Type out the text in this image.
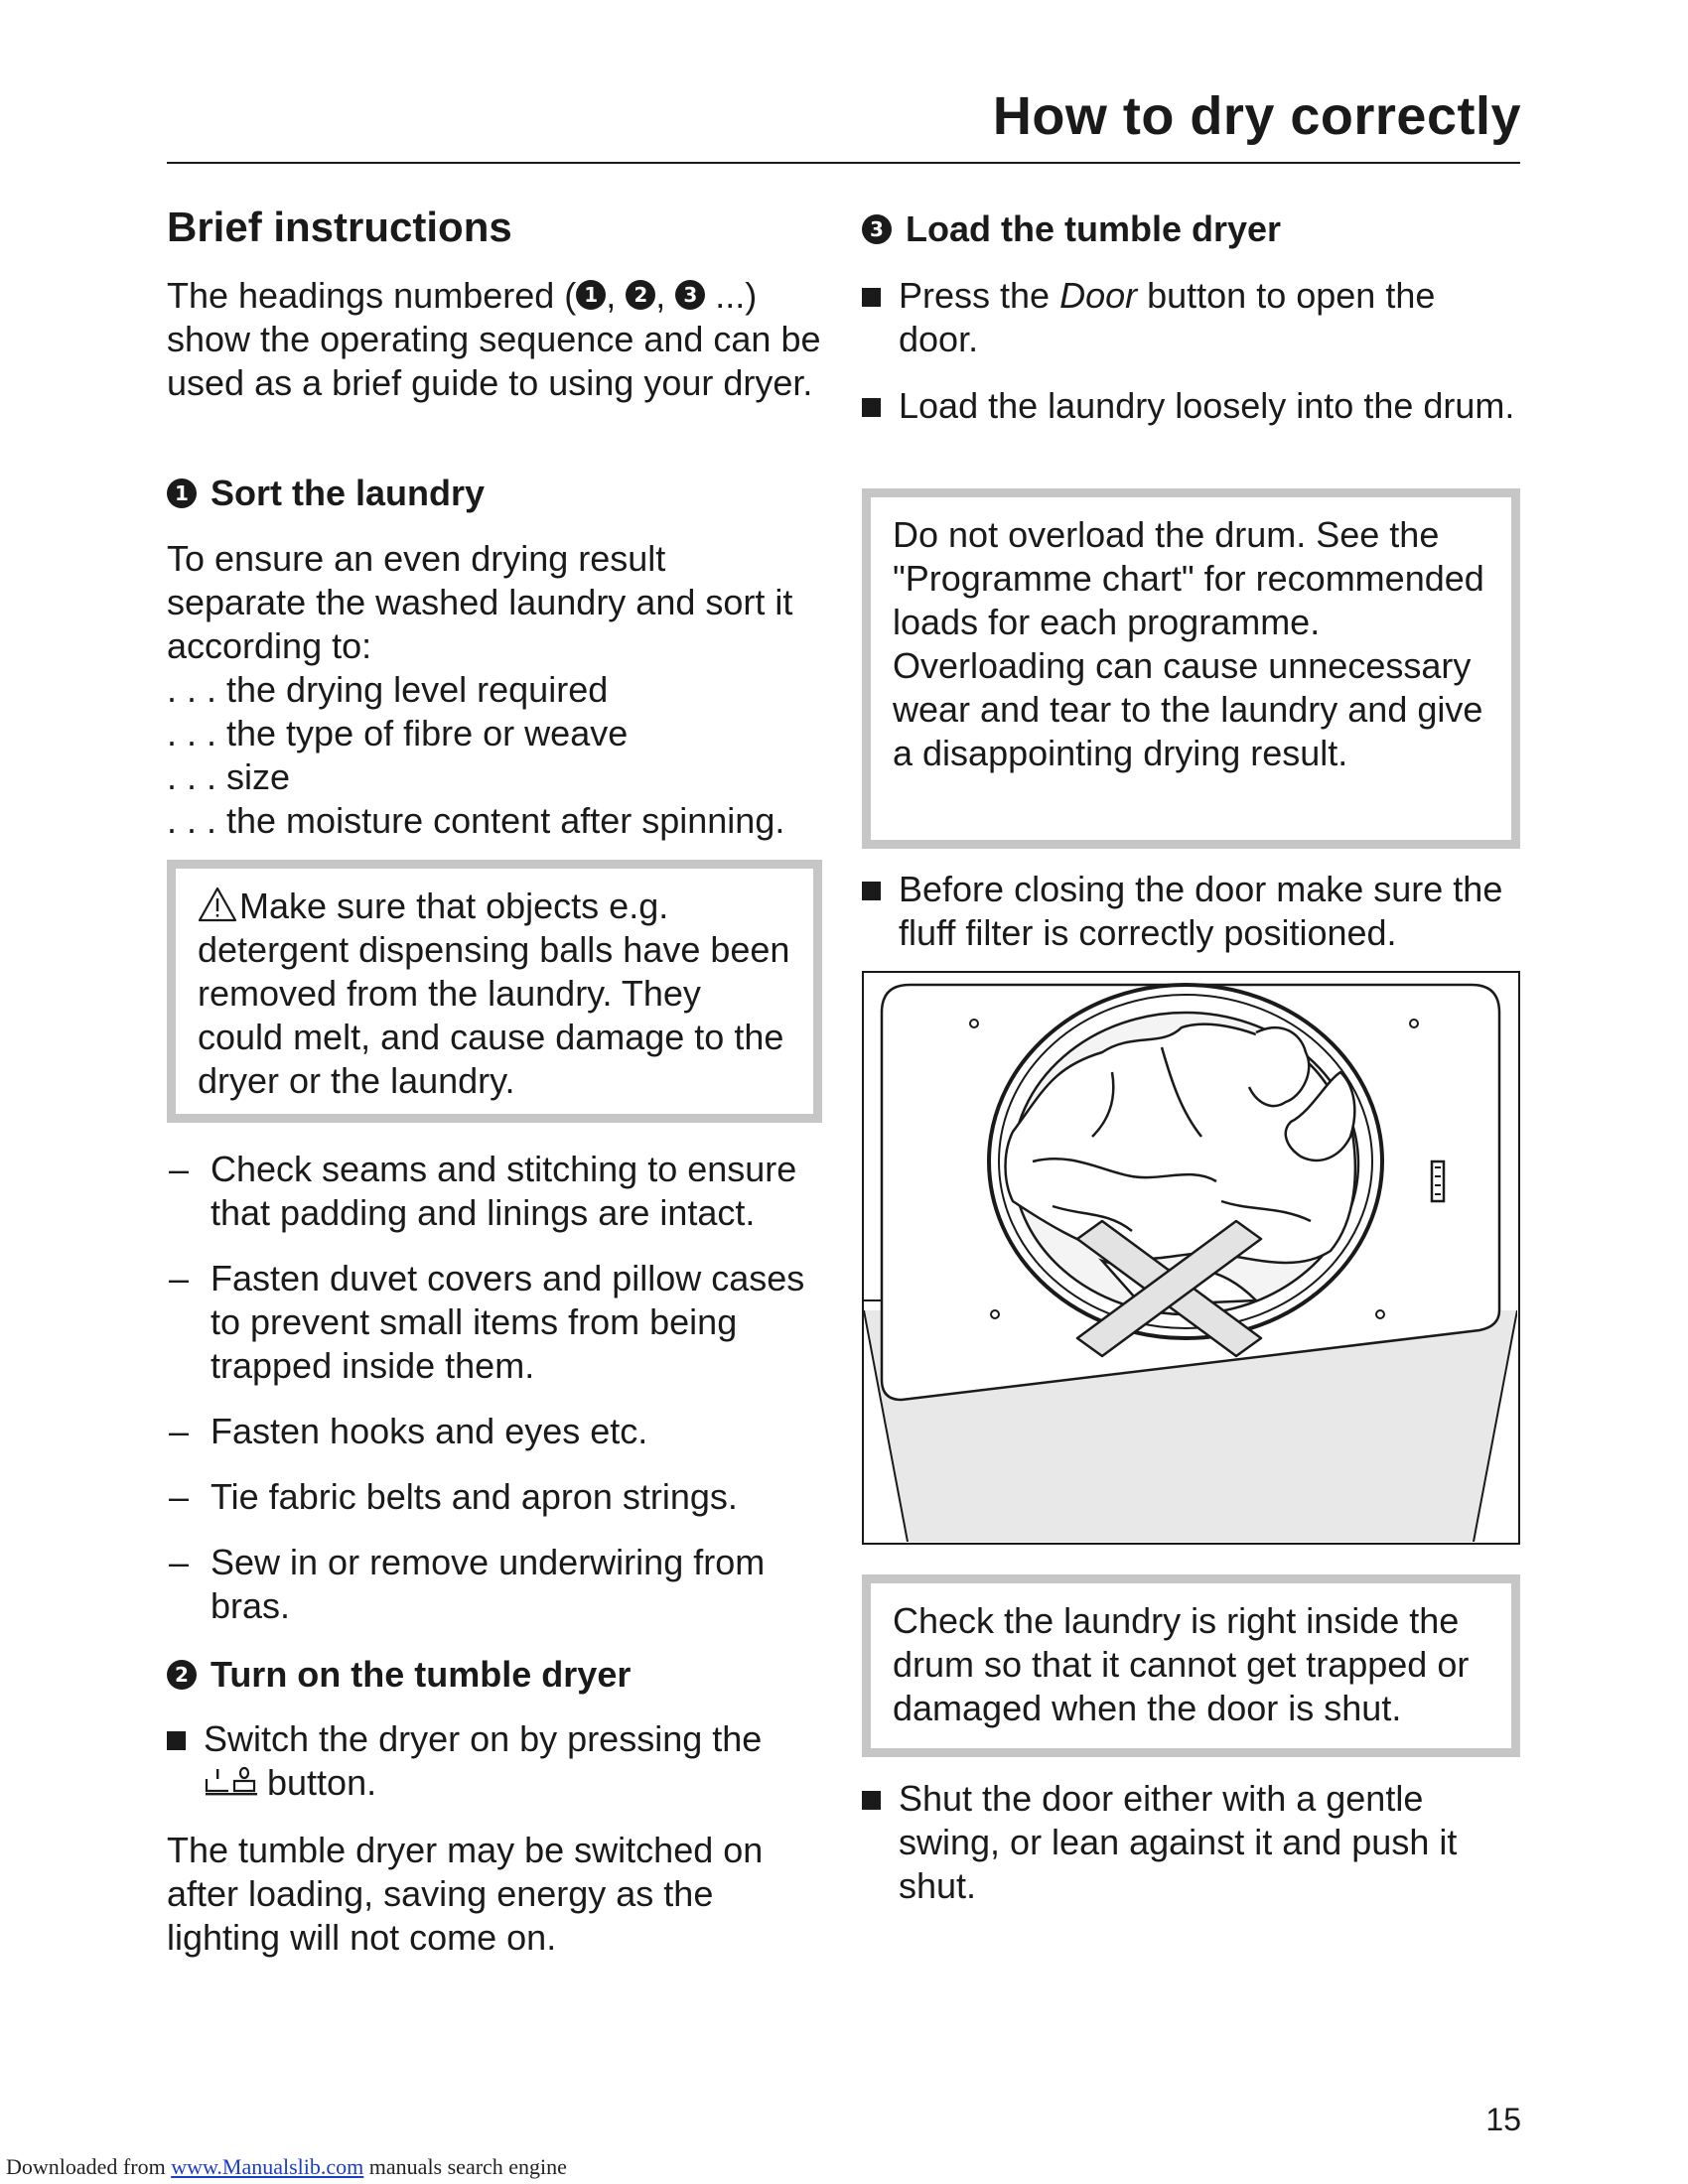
How to dry correctly
Brief instructions

The headings numbered ( 1 , 2 , 3 ...) show the operating sequence and can be used as a brief guide to using your dryer.

1 Sort the laundry
To ensure an even drying result
separate the washed laundry and sort it
according to:
. . . the drying level required
. . . the type of fibre or weave
. . . size
. . . the moisture content after spinning.
Make sure that objects e.g. detergent dispensing balls have been removed from the laundry. They could melt, and cause damage to the dryer or the laundry.
– Check seams and stitching to ensure that padding and linings are intact.
– Fasten duvet covers and pillow cases to prevent small items from being trapped inside them.
– Fasten hooks and eyes etc.
– Tie fabric belts and apron strings.
– Sew in or remove underwiring from bras.
2 Turn on the tumble dryer
Switch the dryer on by pressing the
button.

The tumble dryer may be switched on after loading, saving energy as the lighting will not come on.

3 Load the tumble dryer
Press the Door button to open the door.
Load the laundry loosely into the drum.
Do not overload the drum. See the "Programme chart" for recommended loads for each programme.
Overloading can cause unnecessary wear and tear to the laundry and give a disappointing drying result.
Before closing the door make sure the fluff filter is correctly positioned.
Check the laundry is right inside the drum so that it cannot get trapped or damaged when the door is shut.
Shut the door either with a gentle swing, or lean against it and push it shut.
15
Downloaded from www.Manualslib.com manuals search engine
